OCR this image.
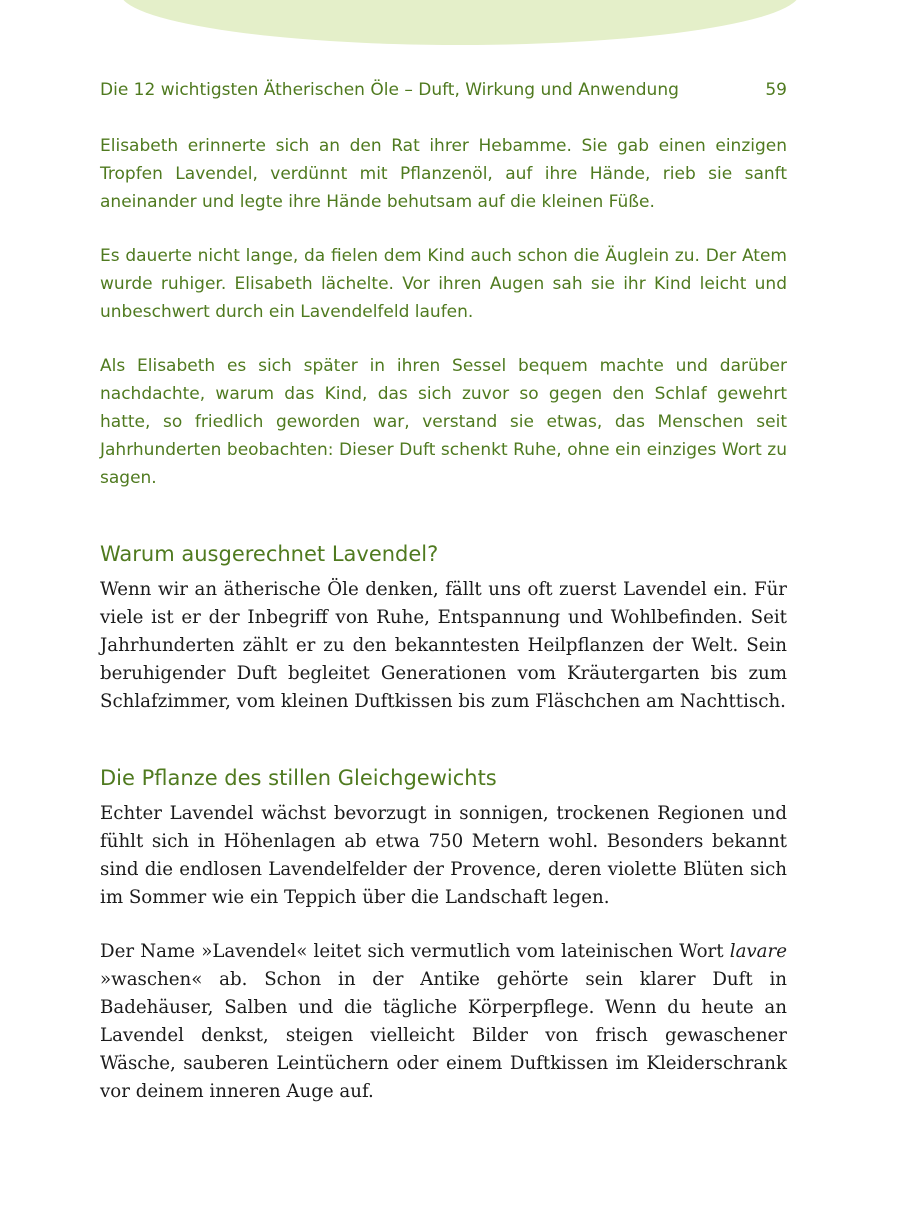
Die 12 wichtigsten Ätherischen Öle – Duft, Wirkung und Anwendung	59

Elisabeth erinnerte sich an den Rat ihrer Hebamme. Sie gab einen einzigen Tropfen Lavendel, verdünnt mit Pflanzenöl, auf ihre Hände, rieb sie sanft aneinander und legte ihre Hände behutsam auf die kleinen Füße.

Es dauerte nicht lange, da fielen dem Kind auch schon die Äuglein zu. Der Atem wurde ruhiger. Elisabeth lächelte. Vor ihren Augen sah sie ihr Kind leicht und unbeschwert durch ein Lavendelfeld laufen.

Als Elisabeth es sich später in ihren Sessel bequem machte und darüber nachdachte, warum das Kind, das sich zuvor so gegen den Schlaf gewehrt hatte, so friedlich geworden war, verstand sie etwas, das Menschen seit Jahrhunderten beobachten: Dieser Duft schenkt Ruhe, ohne ein einziges Wort zu sagen.

Warum ausgerechnet Lavendel?

Wenn wir an ätherische Öle denken, fällt uns oft zuerst Lavendel ein. Für viele ist er der Inbegriff von Ruhe, Entspannung und Wohlbefinden. Seit Jahrhunderten zählt er zu den bekanntesten Heilpflanzen der Welt. Sein beruhigender Duft begleitet Generationen vom Kräutergarten bis zum Schlafzimmer, vom kleinen Duftkissen bis zum Fläschchen am Nachttisch.

Die Pflanze des stillen Gleichgewichts

Echter Lavendel wächst bevorzugt in sonnigen, trockenen Regionen und fühlt sich in Höhenlagen ab etwa 750 Metern wohl. Besonders bekannt sind die endlosen Lavendelfelder der Provence, deren violette Blüten sich im Sommer wie ein Teppich über die Landschaft legen.

Der Name »Lavendel« leitet sich vermutlich vom lateinischen Wort lavare »waschen« ab. Schon in der Antike gehörte sein klarer Duft in Badehäuser, Salben und die tägliche Körperpflege. Wenn du heute an Lavendel denkst, steigen vielleicht Bilder von frisch gewaschener Wäsche, sauberen Leintüchern oder einem Duftkissen im Kleiderschrank vor deinem inneren Auge auf.
